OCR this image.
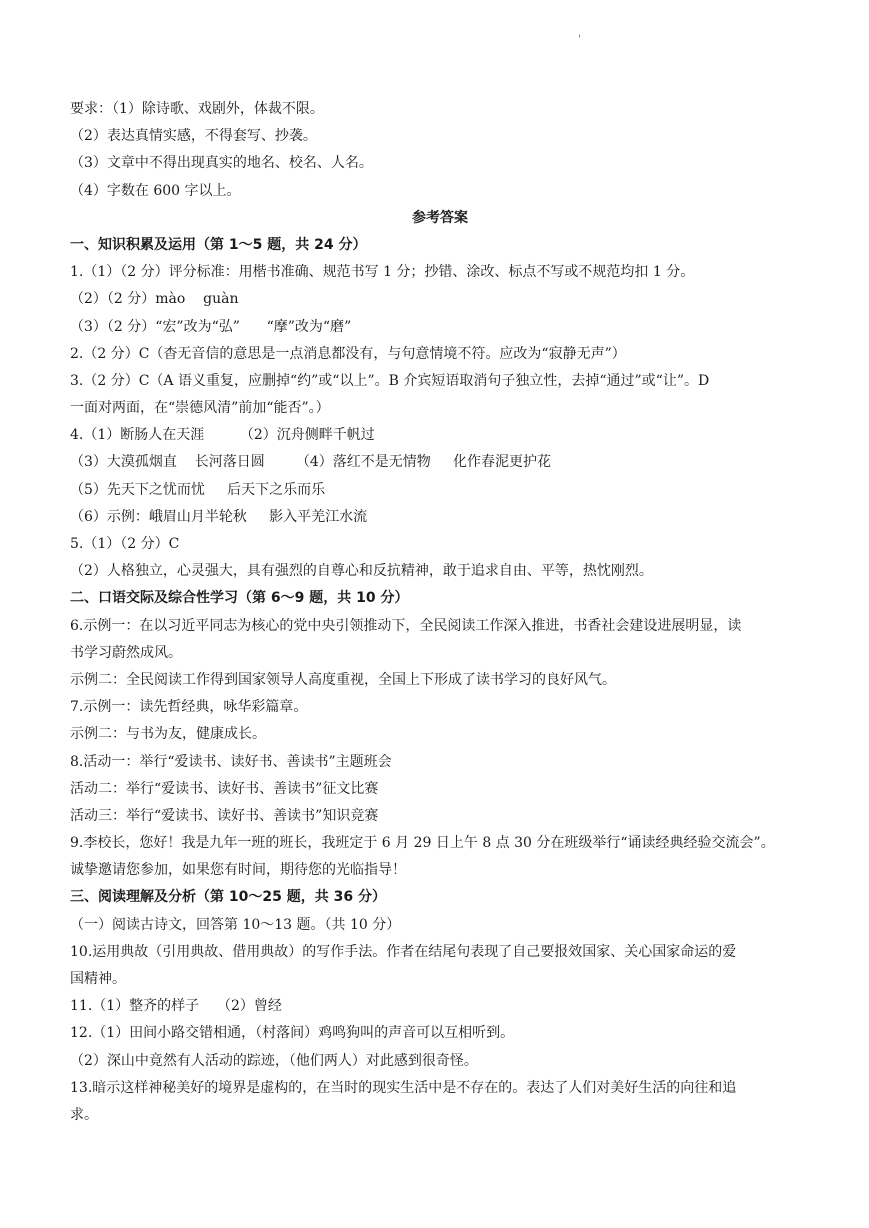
'
要求：（1）除诗歌、戏剧外，体裁不限。
（2）表达真情实感，不得套写、抄袭。
（3）文章中不得出现真实的地名、校名、人名。
（4）字数在 600 字以上。
参考答案
一、知识积累及运用（第 1～5 题，共 24 分）
1.（1）（2 分）评分标准：用楷书准确、规范书写 1 分；抄错、涂改、标点不写或不规范均扣 1 分。
（2）（2 分）mào    guàn
（3）（2 分）“宏”改为“弘”      “摩”改为“磨”
2.（2 分）C（杳无音信的意思是一点消息都没有，与句意情境不符。应改为“寂静无声”）
3.（2 分）C（A 语义重复，应删掉“约”或“以上”。B 介宾短语取消句子独立性，去掉“通过”或“让”。D
一面对两面，在“崇德风清”前加“能否”。）
4.（1）断肠人在天涯        （2）沉舟侧畔千帆过
（3）大漠孤烟直    长河落日圆       （4）落红不是无情物     化作春泥更护花
（5）先天下之忧而忧     后天下之乐而乐
（6）示例：峨眉山月半轮秋     影入平羌江水流
5.（1）（2 分）C
（2）人格独立，心灵强大，具有强烈的自尊心和反抗精神，敢于追求自由、平等，热忱刚烈。
二、口语交际及综合性学习（第 6～9 题，共 10 分）
6.示例一：在以习近平同志为核心的党中央引领推动下，全民阅读工作深入推进，书香社会建设进展明显，读
书学习蔚然成风。
示例二：全民阅读工作得到国家领导人高度重视，全国上下形成了读书学习的良好风气。
7.示例一：读先哲经典，咏华彩篇章。
示例二：与书为友，健康成长。
8.活动一：举行“爱读书、读好书、善读书”主题班会
活动二：举行“爱读书、读好书、善读书”征文比赛
活动三：举行“爱读书、读好书、善读书”知识竞赛
9.李校长，您好！我是九年一班的班长，我班定于 6 月 29 日上午 8 点 30 分在班级举行“诵读经典经验交流会”。
诚挚邀请您参加，如果您有时间，期待您的光临指导！
三、阅读理解及分析（第 10～25 题，共 36 分）
（一）阅读古诗文，回答第 10～13 题。（共 10 分）
10.运用典故（引用典故、借用典故）的写作手法。作者在结尾句表现了自己要报效国家、关心国家命运的爱
国精神。
11.（1）整齐的样子    （2）曾经
12.（1）田间小路交错相通，（村落间）鸡鸣狗叫的声音可以互相听到。
（2）深山中竟然有人活动的踪迹，（他们两人）对此感到很奇怪。
13.暗示这样神秘美好的境界是虚构的，在当时的现实生活中是不存在的。表达了人们对美好生活的向往和追
求。
